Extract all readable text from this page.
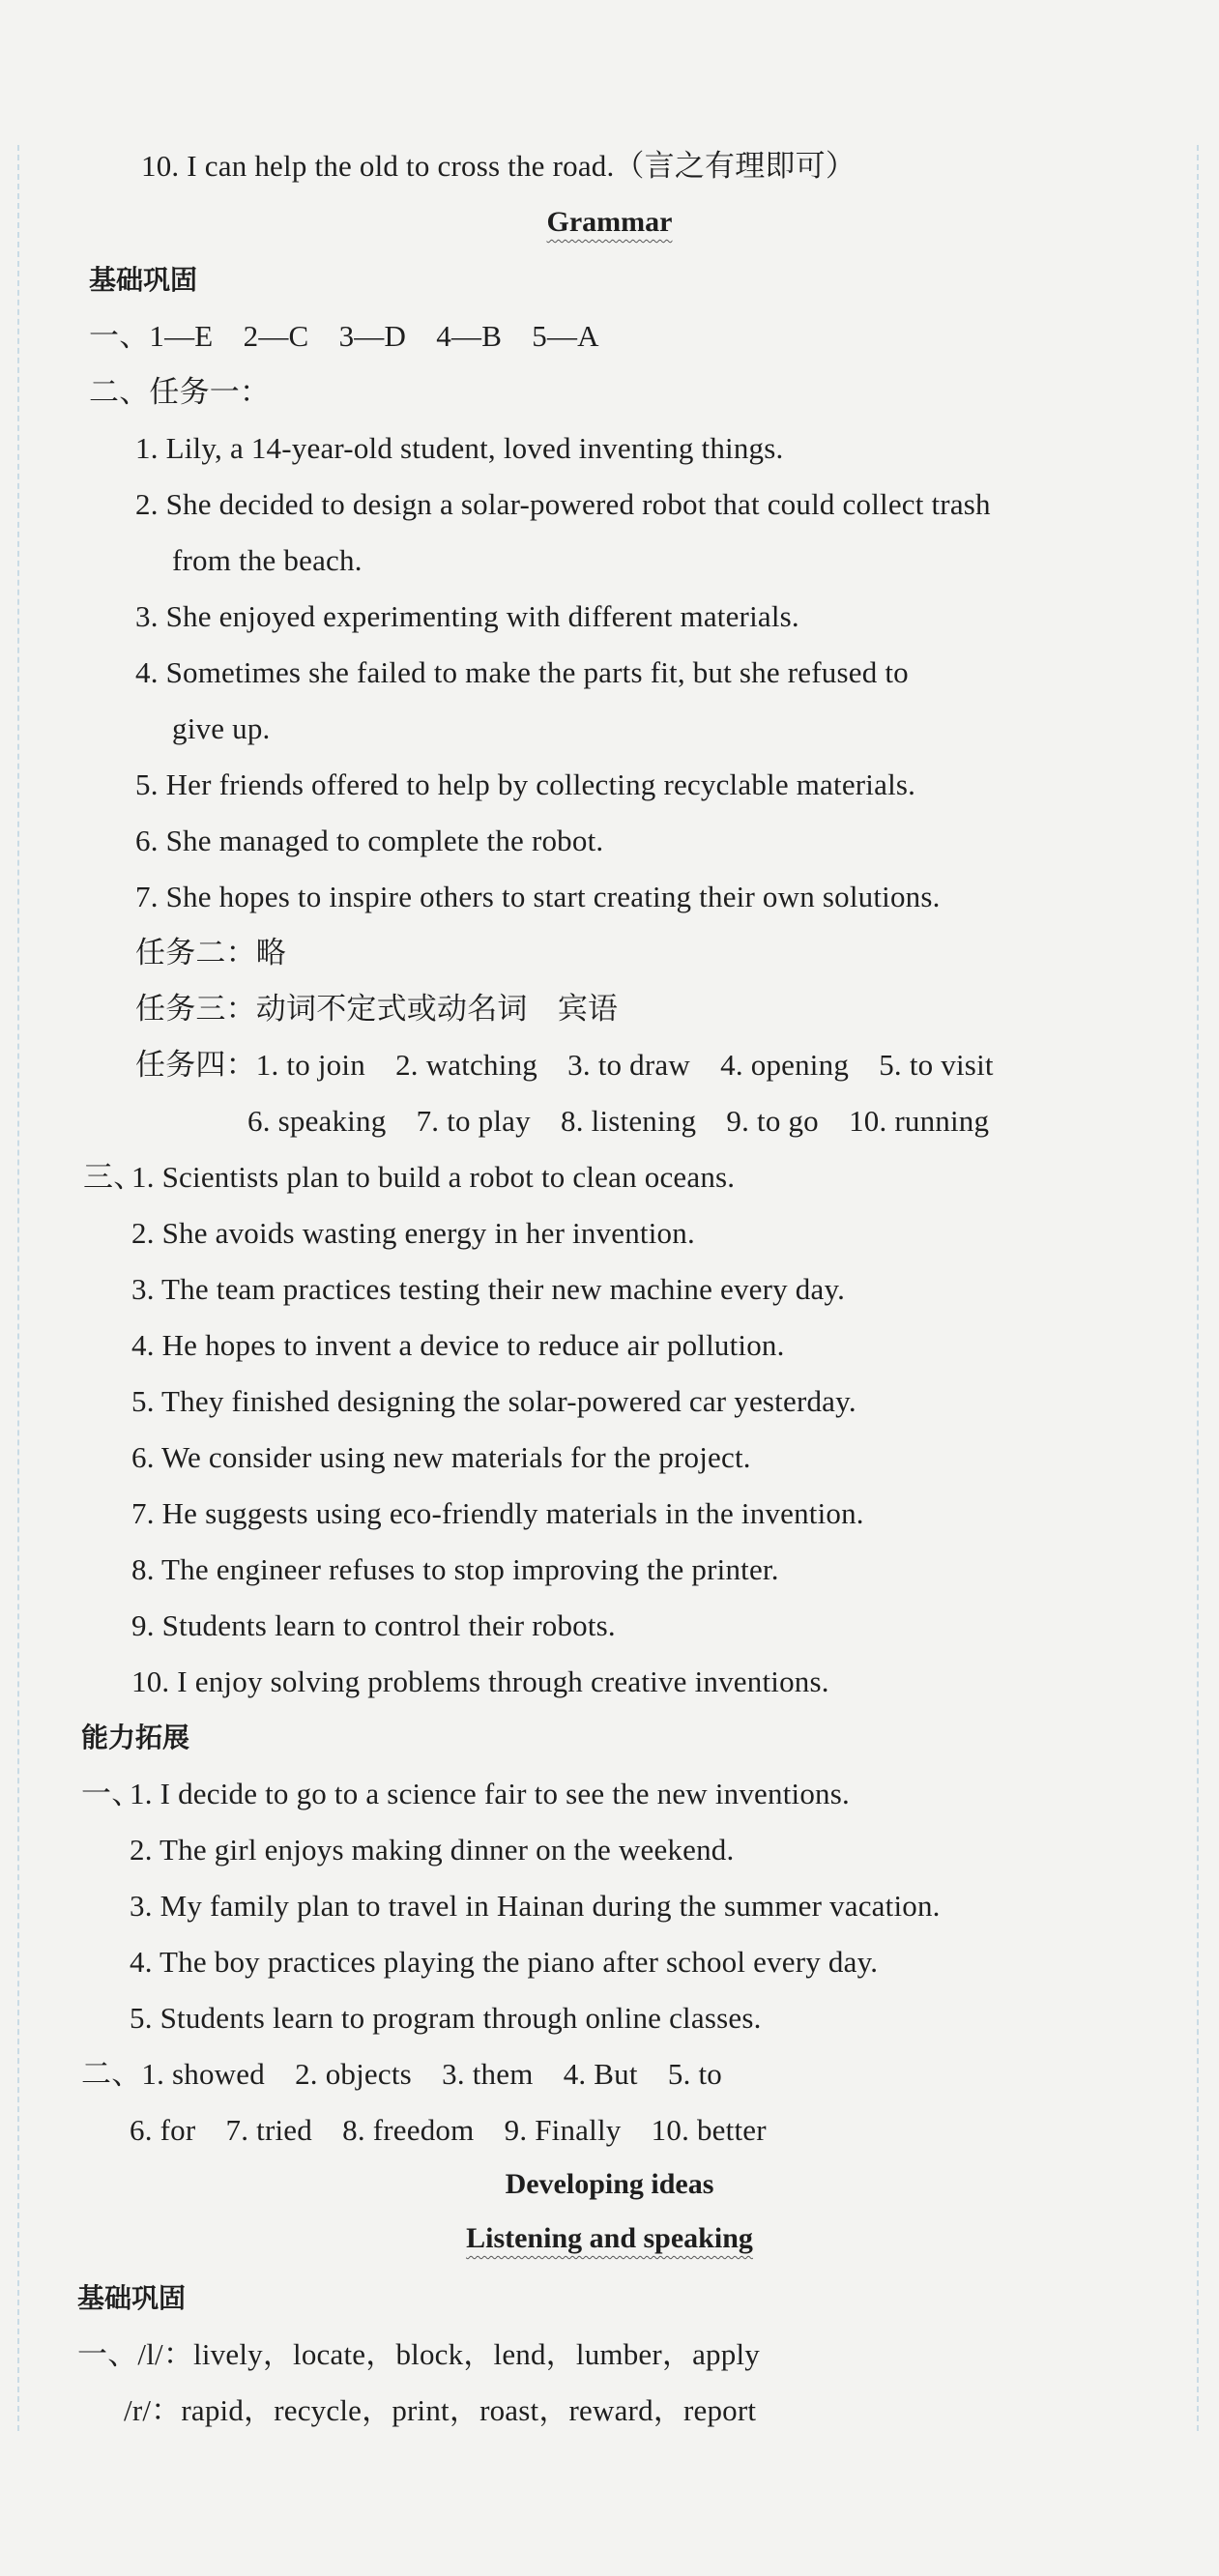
10. I can help the old to cross the road.（言之有理即可）
Grammar
基础巩固
一、1—E　2—C　3—D　4—B　5—A
二、任务一：
1. Lily, a 14-year-old student, loved inventing things.
2. She decided to design a solar-powered robot that could collect trash
from the beach.
3. She enjoyed experimenting with different materials.
4. Sometimes she failed to make the parts fit, but she refused to
give up.
5. Her friends offered to help by collecting recyclable materials.
6. She managed to complete the robot.
7. She hopes to inspire others to start creating their own solutions.
任务二：略
任务三：动词不定式或动名词　宾语
任务四：1. to join　2. watching　3. to draw　4. opening　5. to visit
6. speaking　7. to play　8. listening　9. to go　10. running
三、
1. Scientists plan to build a robot to clean oceans.
2. She avoids wasting energy in her invention.
3. The team practices testing their new machine every day.
4. He hopes to invent a device to reduce air pollution.
5. They finished designing the solar-powered car yesterday.
6. We consider using new materials for the project.
7. He suggests using eco-friendly materials in the invention.
8. The engineer refuses to stop improving the printer.
9. Students learn to control their robots.
10. I enjoy solving problems through creative inventions.
能力拓展
一、
1. I decide to go to a science fair to see the new inventions.
2. The girl enjoys making dinner on the weekend.
3. My family plan to travel in Hainan during the summer vacation.
4. The boy practices playing the piano after school every day.
5. Students learn to program through online classes.
二、1. showed　2. objects　3. them　4. But　5. to
6. for　7. tried　8. freedom　9. Finally　10. better
Developing ideas
Listening and speaking
基础巩固
一、/l/：lively，locate，block，lend，lumber，apply
/r/：rapid，recycle，print，roast，reward，report
